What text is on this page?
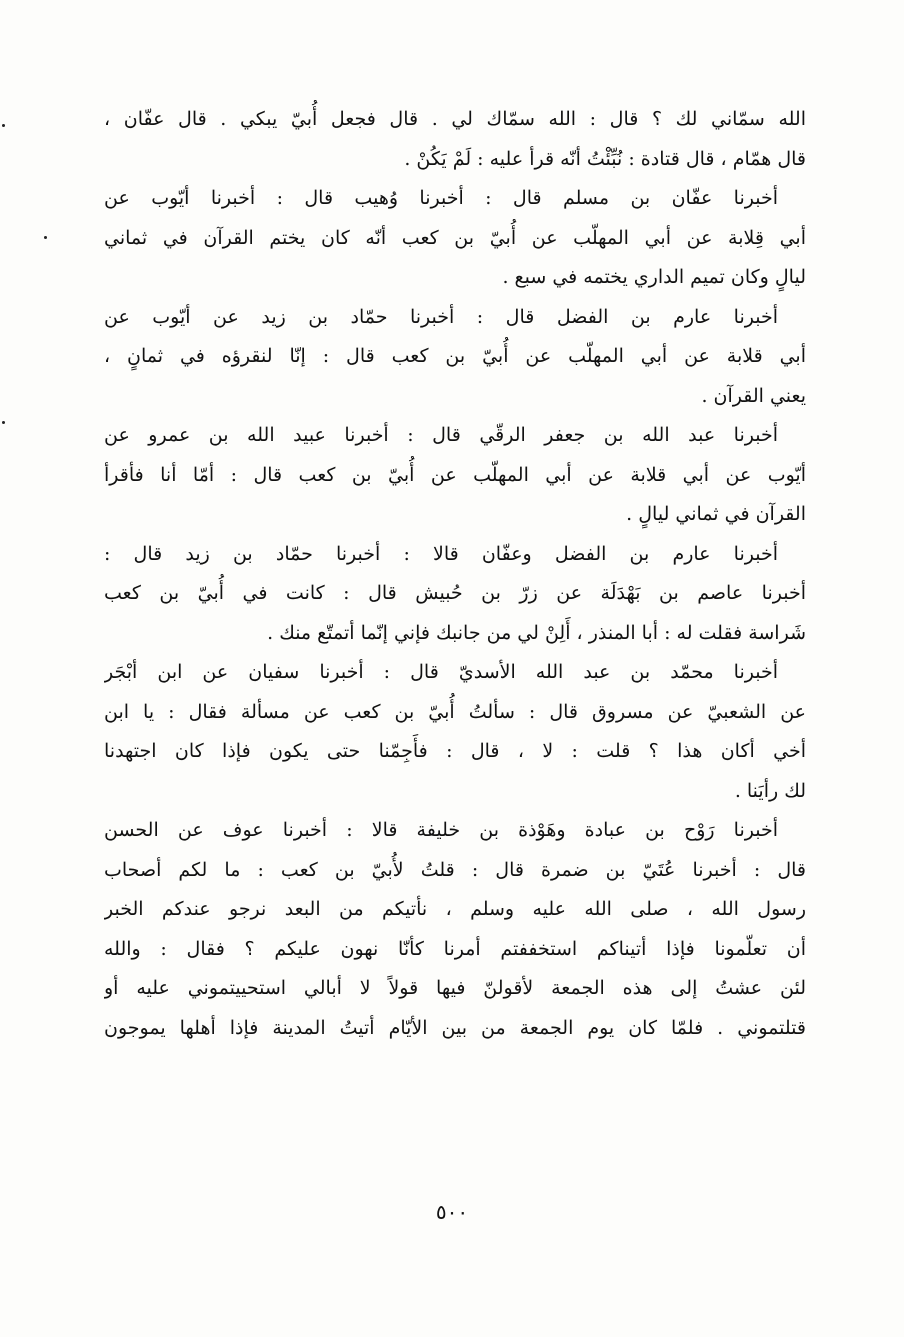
الله سمّاني لك ؟ قال : الله سمّاك لي . قال فجعل أُبيّ يبكي . قال عفّان ،
قال همّام ، قال قتادة : نُبِّئْتُ أنّه قرأ عليه : لَمْ يَكُنْ .
أخبرنا عفّان بن مسلم قال : أخبرنا وُهيب قال : أخبرنا أيّوب عن
أبي قِلابة عن أبي المهلّب عن أُبيّ بن كعب أنّه كان يختم القرآن في ثماني
ليالٍ وكان تميم الداري يختمه في سبع .
أخبرنا عارم بن الفضل قال : أخبرنا حمّاد بن زيد عن أيّوب عن
أبي قلابة عن أبي المهلّب عن أُبيّ بن كعب قال : إنّا لنقرؤه في ثمانٍ ،
يعني القرآن .
أخبرنا عبد الله بن جعفر الرقّي قال : أخبرنا عبيد الله بن عمرو عن
أيّوب عن أبي قلابة عن أبي المهلّب عن أُبيّ بن كعب قال : أمّا أنا فأقرأ
القرآن في ثماني ليالٍ .
أخبرنا عارم بن الفضل وعفّان قالا : أخبرنا حمّاد بن زيد قال :
أخبرنا عاصم بن بَهْدَلَة عن زرّ بن حُبيش قال : كانت في أُبيّ بن كعب
شَراسة فقلت له : أبا المنذر ، أَلِنْ لي من جانبك فإني إنّما أتمتّع منك .
أخبرنا محمّد بن عبد الله الأسديّ قال : أخبرنا سفيان عن ابن أبْجَر
عن الشعبيّ عن مسروق قال : سألتُ أُبيّ بن كعب عن مسألة فقال : يا ابن
أخي أكان هذا ؟ قلت : لا ، قال : فأَجِمّنا حتى يكون فإذا كان اجتهدنا
لك رأيَنا .
أخبرنا رَوْح بن عبادة وهَوْذة بن خليفة قالا : أخبرنا عوف عن الحسن
قال : أخبرنا عُتَيّ بن ضمرة قال : قلتُ لأُبيّ بن كعب : ما لكم أصحاب
رسول الله ، صلى الله عليه وسلم ، نأتيكم من البعد نرجو عندكم الخبر
أن تعلّمونا فإذا أتيناكم استخففتم أمرنا كأنّا نهون عليكم ؟ فقال : والله
لئن عشتُ إلى هذه الجمعة لأقولنّ فيها قولاً لا أبالي استحييتموني عليه أو
قتلتموني . فلمّا كان يوم الجمعة من بين الأيّام أتيتُ المدينة فإذا أهلها يموجون
٥٠٠
